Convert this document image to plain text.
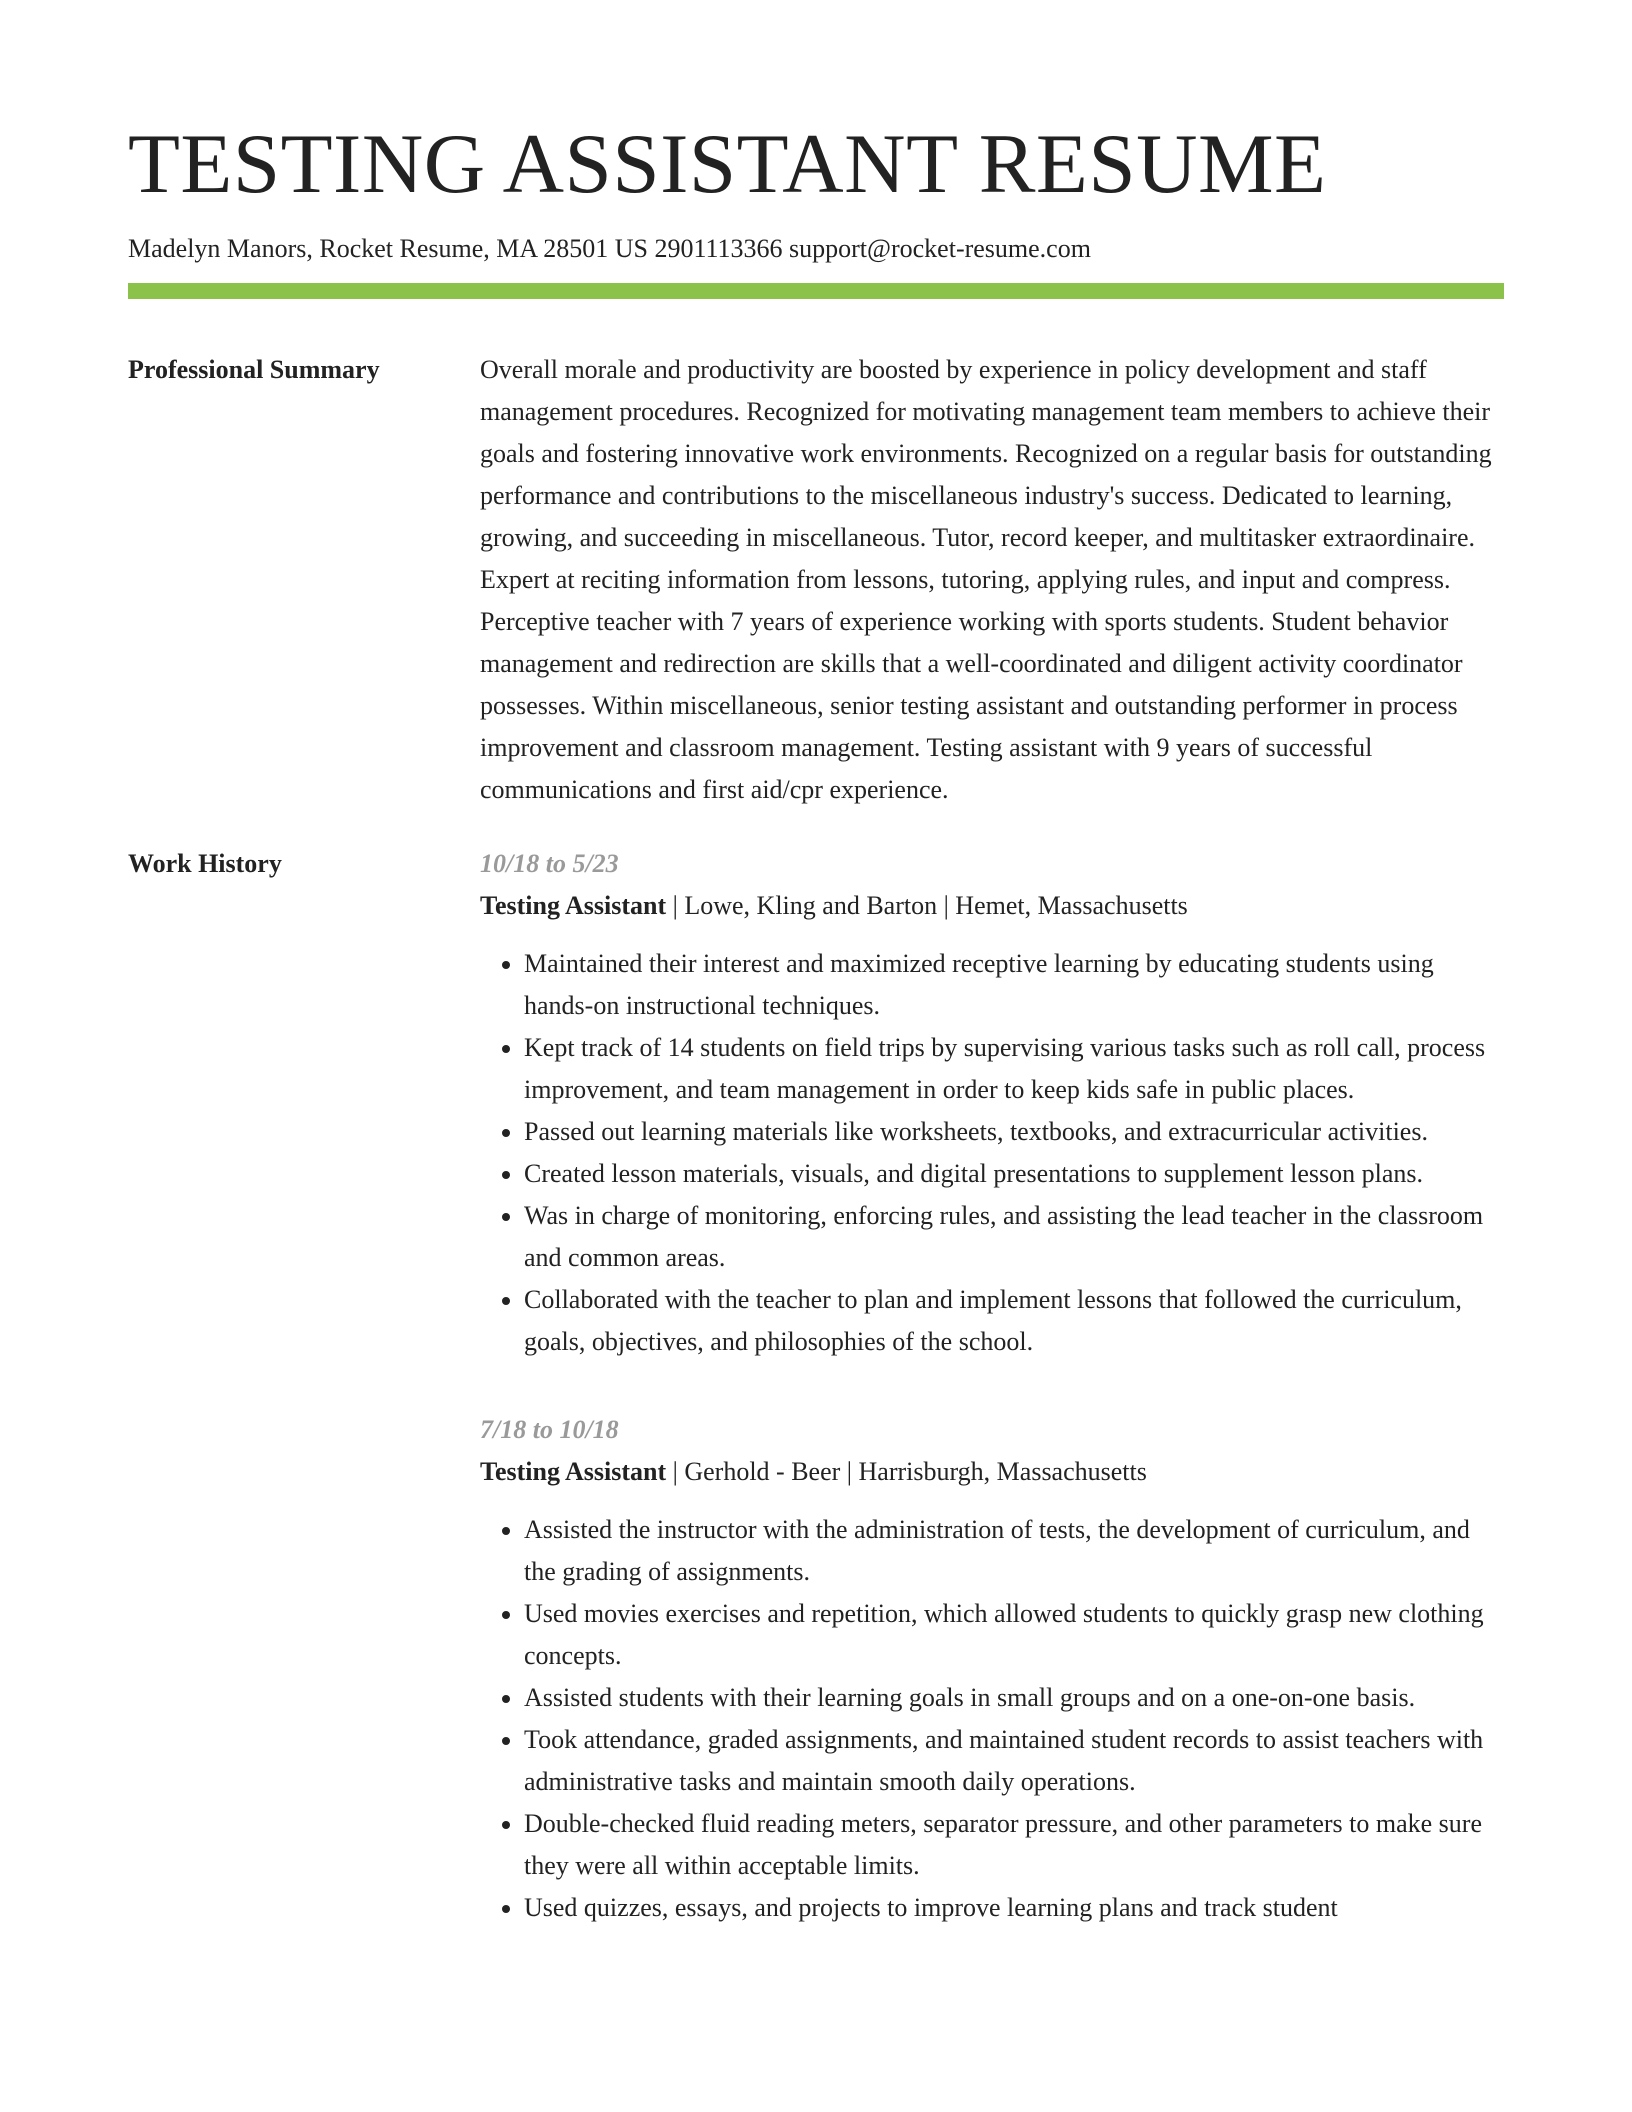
TESTING ASSISTANT RESUME
Madelyn Manors, Rocket Resume, MA 28501 US 2901113366 support@rocket-resume.com
Professional Summary	Overall morale and productivity are boosted by experience in policy development and staff management procedures. Recognized for motivating management team members to achieve their goals and fostering innovative work environments. Recognized on a regular basis for outstanding performance and contributions to the miscellaneous industry's success. Dedicated to learning, growing, and succeeding in miscellaneous. Tutor, record keeper, and multitasker extraordinaire. Expert at reciting information from lessons, tutoring, applying rules, and input and compress. Perceptive teacher with 7 years of experience working with sports students. Student behavior management and redirection are skills that a well-coordinated and diligent activity coordinator possesses. Within miscellaneous, senior testing assistant and outstanding performer in process improvement and classroom management. Testing assistant with 9 years of successful communications and first aid/cpr experience.

Work History	10/18 to 5/23
Testing Assistant | Lowe, Kling and Barton | Hemet, Massachusetts
• Maintained their interest and maximized receptive learning by educating students using hands-on instructional techniques.
• Kept track of 14 students on field trips by supervising various tasks such as roll call, process improvement, and team management in order to keep kids safe in public places.
• Passed out learning materials like worksheets, textbooks, and extracurricular activities.
• Created lesson materials, visuals, and digital presentations to supplement lesson plans.
• Was in charge of monitoring, enforcing rules, and assisting the lead teacher in the classroom and common areas.
• Collaborated with the teacher to plan and implement lessons that followed the curriculum, goals, objectives, and philosophies of the school.
7/18 to 10/18
Testing Assistant | Gerhold - Beer | Harrisburgh, Massachusetts
• Assisted the instructor with the administration of tests, the development of curriculum, and the grading of assignments.
• Used movies exercises and repetition, which allowed students to quickly grasp new clothing concepts.
• Assisted students with their learning goals in small groups and on a one-on-one basis.
• Took attendance, graded assignments, and maintained student records to assist teachers with administrative tasks and maintain smooth daily operations.
• Double-checked fluid reading meters, separator pressure, and other parameters to make sure they were all within acceptable limits.
• Used quizzes, essays, and projects to improve learning plans and track student
